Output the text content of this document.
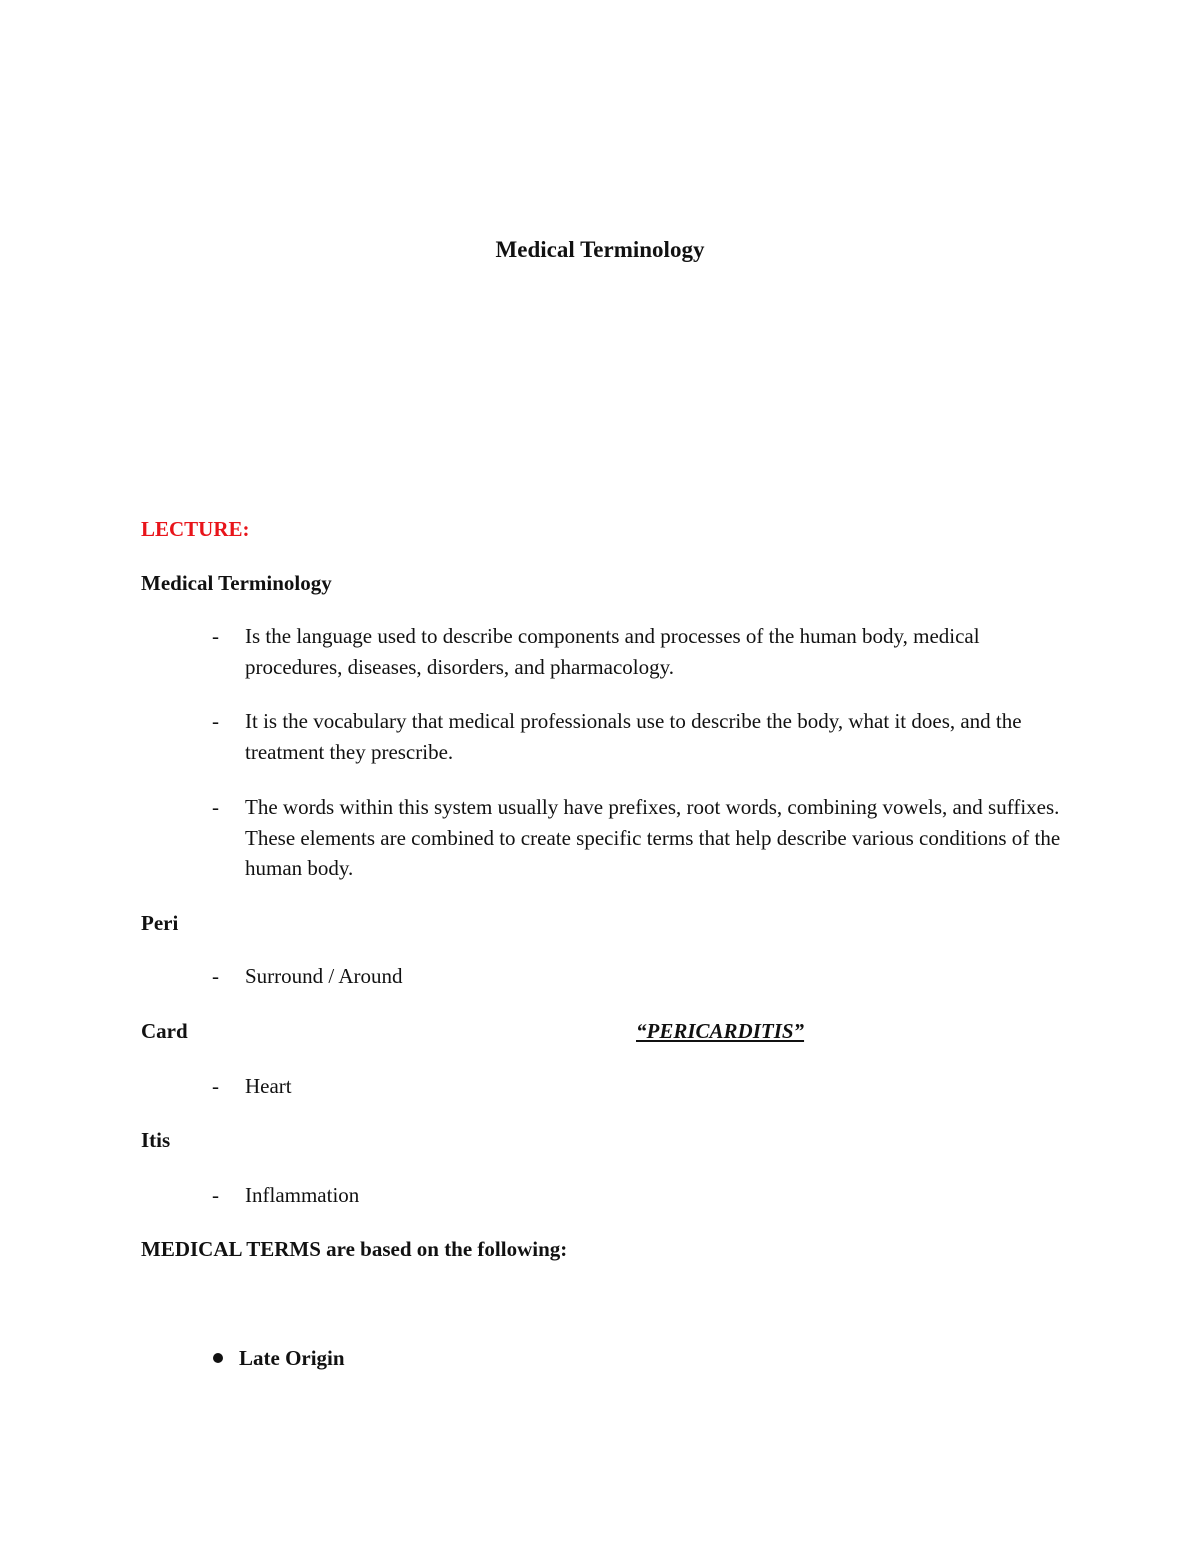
Medical Terminology
LECTURE:
Medical Terminology
- Is the language used to describe components and processes of the human body, medical procedures, diseases, disorders, and pharmacology.
- It is the vocabulary that medical professionals use to describe the body, what it does, and the treatment they prescribe.
- The words within this system usually have prefixes, root words, combining vowels, and suffixes. These elements are combined to create specific terms that help describe various conditions of the human body.
Peri
- Surround / Around
Card	“PERICARDITIS”
- Heart
Itis
- Inflammation
MEDICAL TERMS are based on the following:
Late Origin
